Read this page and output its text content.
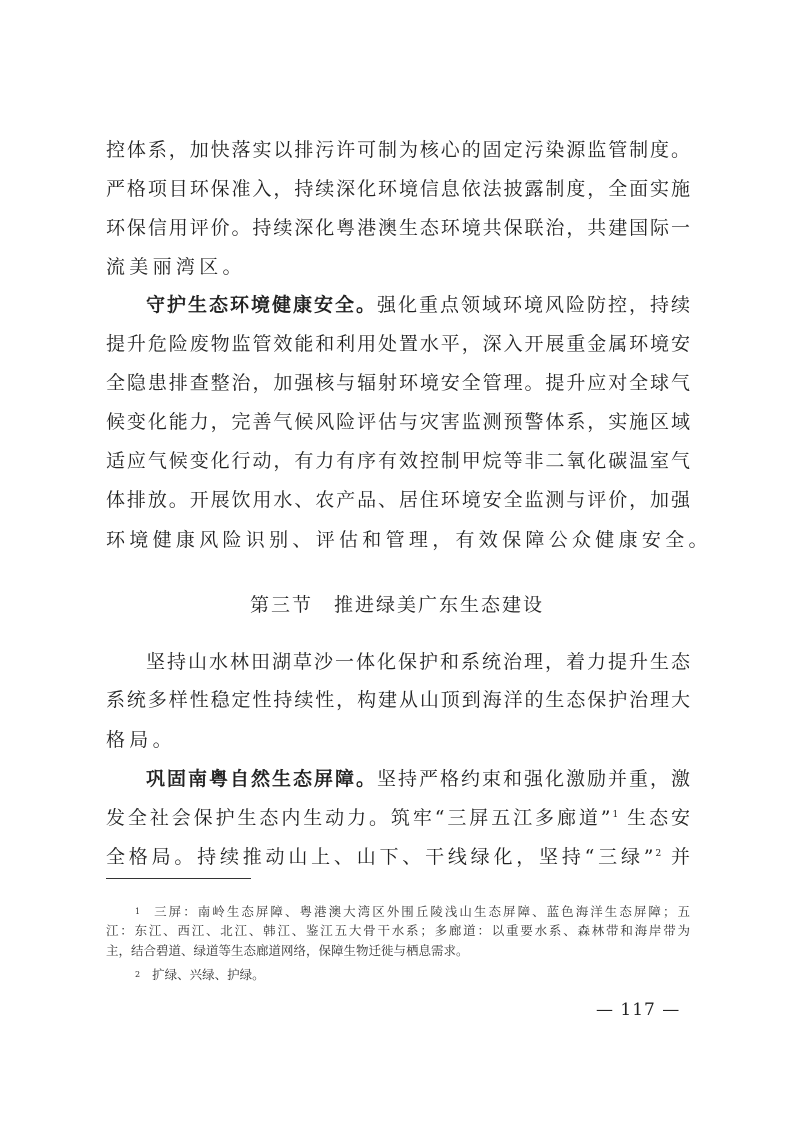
控体系，加快落实以排污许可制为核心的固定污染源监管制度。
严格项目环保准入，持续深化环境信息依法披露制度，全面实施
环保信用评价。持续深化粤港澳生态环境共保联治，共建国际一
流美丽湾区。
守护生态环境健康安全。强化重点领域环境风险防控，持续
提升危险废物监管效能和利用处置水平，深入开展重金属环境安
全隐患排查整治，加强核与辐射环境安全管理。提升应对全球气
候变化能力，完善气候风险评估与灾害监测预警体系，实施区域
适应气候变化行动，有力有序有效控制甲烷等非二氧化碳温室气
体排放。开展饮用水、农产品、居住环境安全监测与评价，加强
环境健康风险识别、评估和管理，有效保障公众健康安全。
坚持山水林田湖草沙一体化保护和系统治理，着力提升生态
系统多样性稳定性持续性，构建从山顶到海洋的生态保护治理大
格局。
巩固南粤自然生态屏障。坚持严格约束和强化激励并重，激
发全社会保护生态内生动力。筑牢“三屏五江多廊道” $^1$ 生态安
全格局。持续推动山上、山下、干线绿化，坚持“三绿” $^2$ 并
第三节　推进绿美广东生态建设
$^1$ 三屏：南岭生态屏障、粤港澳大湾区外围丘陵浅山生态屏障、蓝色海洋生态屏障；五
江：东江、西江、北江、韩江、鉴江五大骨干水系；多廊道：以重要水系、森林带和海岸带为
主，结合碧道、绿道等生态廊道网络，保障生物迁徙与栖息需求。
$^2$ 扩绿、兴绿、护绿。
— 117 —
